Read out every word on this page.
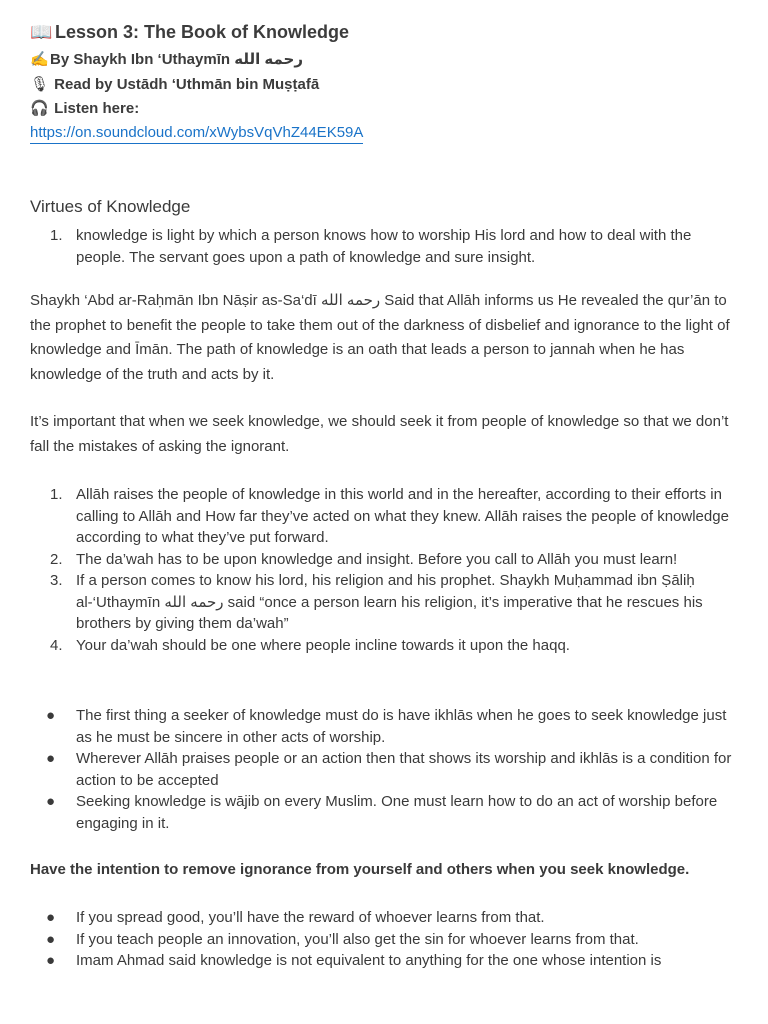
📖 Lesson 3: The Book of Knowledge
✍️By Shaykh Ibn ‘Uthaymīn رحمه الله
🎙 Read by Ustādh ‘Uthmān bin Muṣṭafā
🎧 Listen here:
https://on.soundcloud.com/xWybsVqVhZ44EK59A
Virtues of Knowledge
1. knowledge is light by which a person knows how to worship His lord and how to deal with the people. The servant goes upon a path of knowledge and sure insight.
Shaykh ‘Abd ar-Raḥmān Ibn Nāṣir as-Sa‘dī رحمه الله Said that Allāh informs us He revealed the qur’ān to the prophet to benefit the people to take them out of the darkness of disbelief and ignorance to the light of knowledge and Īmān. The path of knowledge is an oath that leads a person to jannah when he has knowledge of the truth and acts by it.
It’s important that when we seek knowledge, we should seek it from people of knowledge so that we don’t fall the mistakes of asking the ignorant.
1. Allāh raises the people of knowledge in this world and in the hereafter, according to their efforts in calling to Allāh and How far they’ve acted on what they knew. Allāh raises the people of knowledge according to what they’ve put forward.
2. The da’wah has to be upon knowledge and insight. Before you call to Allāh you must learn!
3. If a person comes to know his lord, his religion and his prophet. Shaykh Muḥammad ibn Ṣāliḥ al-‘Uthaymīn رحمه الله said “once a person learn his religion, it’s imperative that he rescues his brothers by giving them da’wah”
4. Your da’wah should be one where people incline towards it upon the haqq.
● The first thing a seeker of knowledge must do is have ikhlās when he goes to seek knowledge just as he must be sincere in other acts of worship.
● Wherever Allāh praises people or an action then that shows its worship and ikhlās is a condition for action to be accepted
● Seeking knowledge is wājib on every Muslim. One must learn how to do an act of worship before engaging in it.
Have the intention to remove ignorance from yourself and others when you seek knowledge.
● If you spread good, you’ll have the reward of whoever learns from that.
● If you teach people an innovation, you’ll also get the sin for whoever learns from that.
● Imam Ahmad said knowledge is not equivalent to anything for the one whose intention is
